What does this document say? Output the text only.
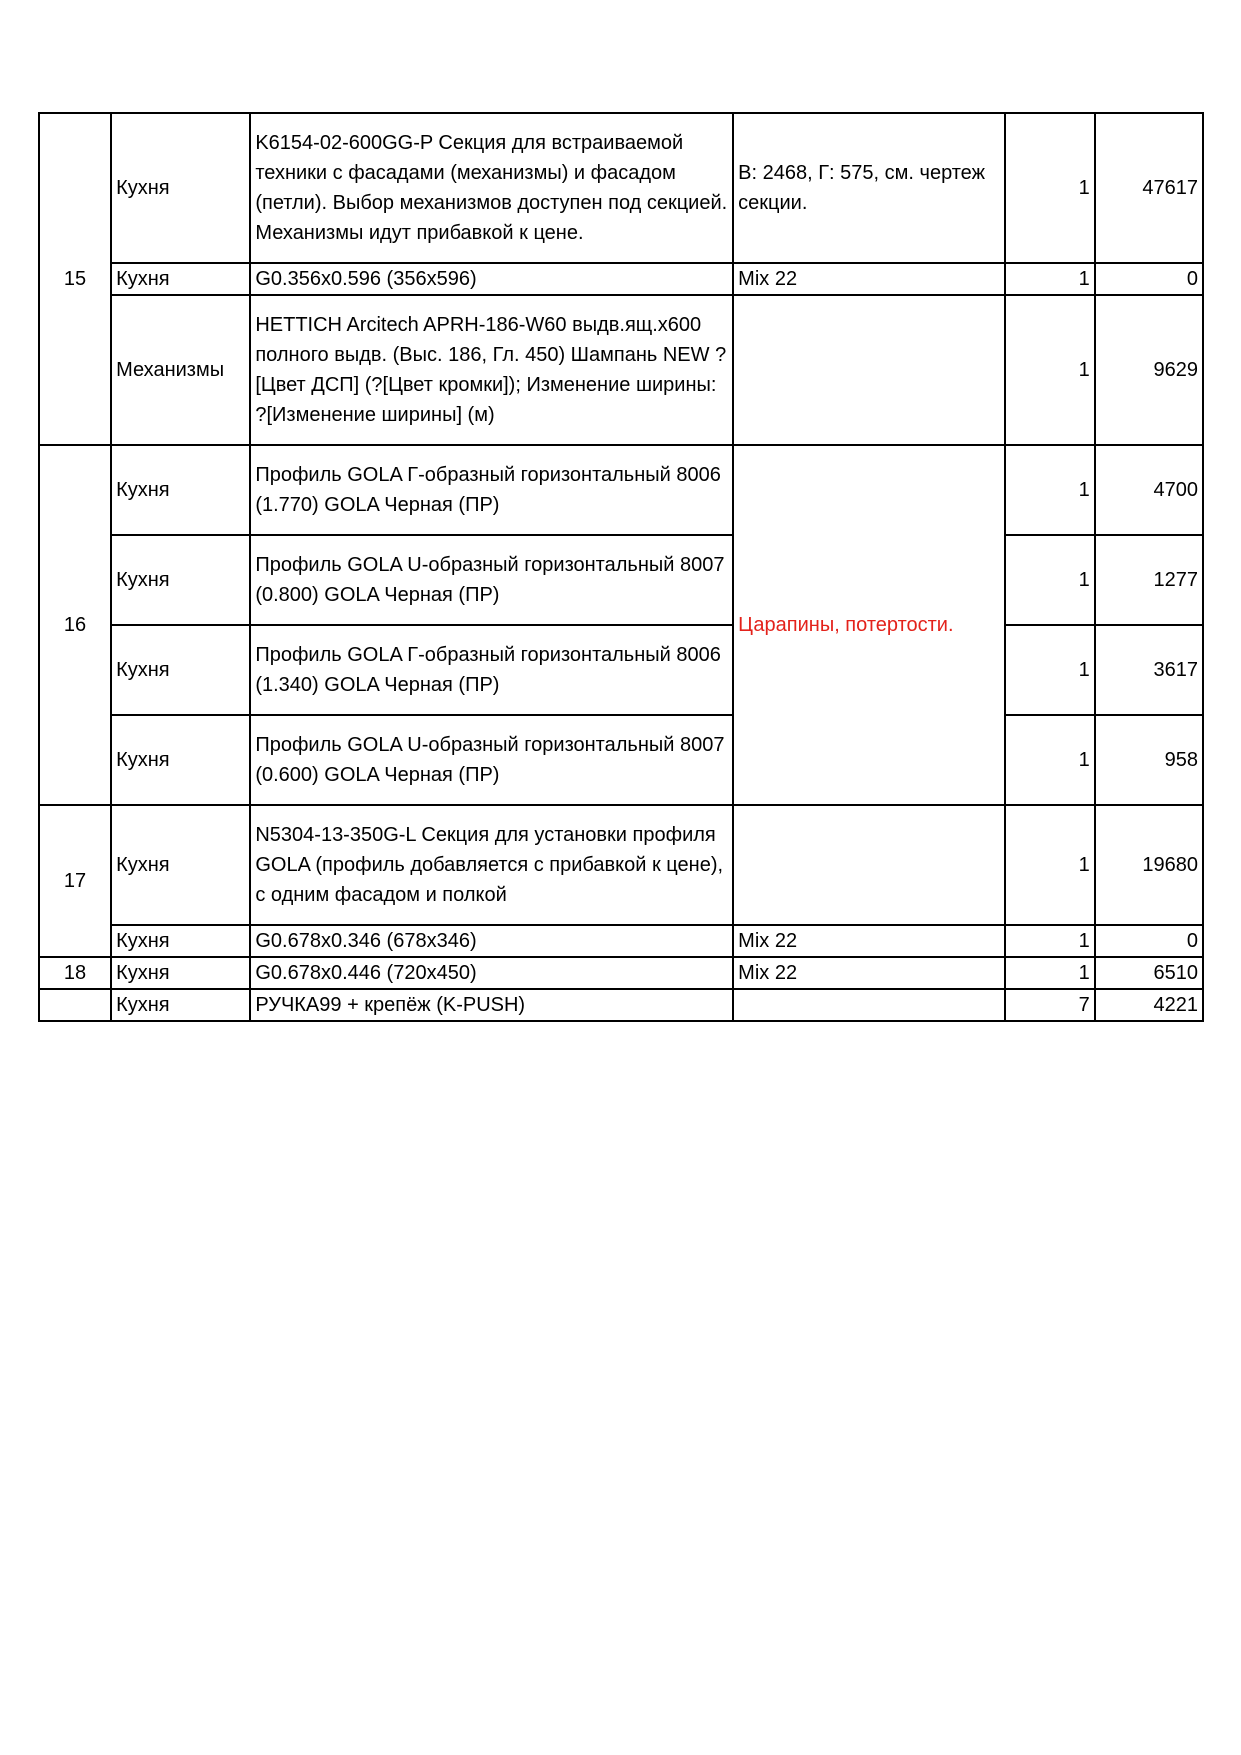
15	Кухня	K6154-02-600GG-P Секция для встраиваемой техники с фасадами (механизмы) и фасадом (петли). Выбор механизмов доступен под секцией. Механизмы идут прибавкой к цене.	В: 2468, Г: 575, см. чертеж секции.	1	47617
	Кухня	G0.356x0.596 (356x596)	Mix 22	1	0
	Механизмы	HETTICH Arcitech APRH-186-W60 выдв.ящ.х600 полного выдв. (Выс. 186, Гл. 450) Шампань NEW ?[Цвет ДСП] (?[Цвет кромки]); Изменение ширины: ?[Изменение ширины] (м)		1	9629
16	Кухня	Профиль GOLA Г-образный горизонтальный 8006 (1.770) GOLA Черная (ПР)	Царапины, потертости.	1	4700
	Кухня	Профиль GOLA U-образный горизонтальный 8007 (0.800) GOLA Черная (ПР)		1	1277
	Кухня	Профиль GOLA Г-образный горизонтальный 8006 (1.340) GOLA Черная (ПР)		1	3617
	Кухня	Профиль GOLA U-образный горизонтальный 8007 (0.600) GOLA Черная (ПР)		1	958
17	Кухня	N5304-13-350G-L Секция для установки профиля GOLA (профиль добавляется с прибавкой к цене), с одним фасадом и полкой		1	19680
	Кухня	G0.678x0.346 (678x346)	Mix 22	1	0
18	Кухня	G0.678x0.446 (720x450)	Mix 22	1	6510
	Кухня	РУЧКА99 + крепёж (K-PUSH)		7	4221
